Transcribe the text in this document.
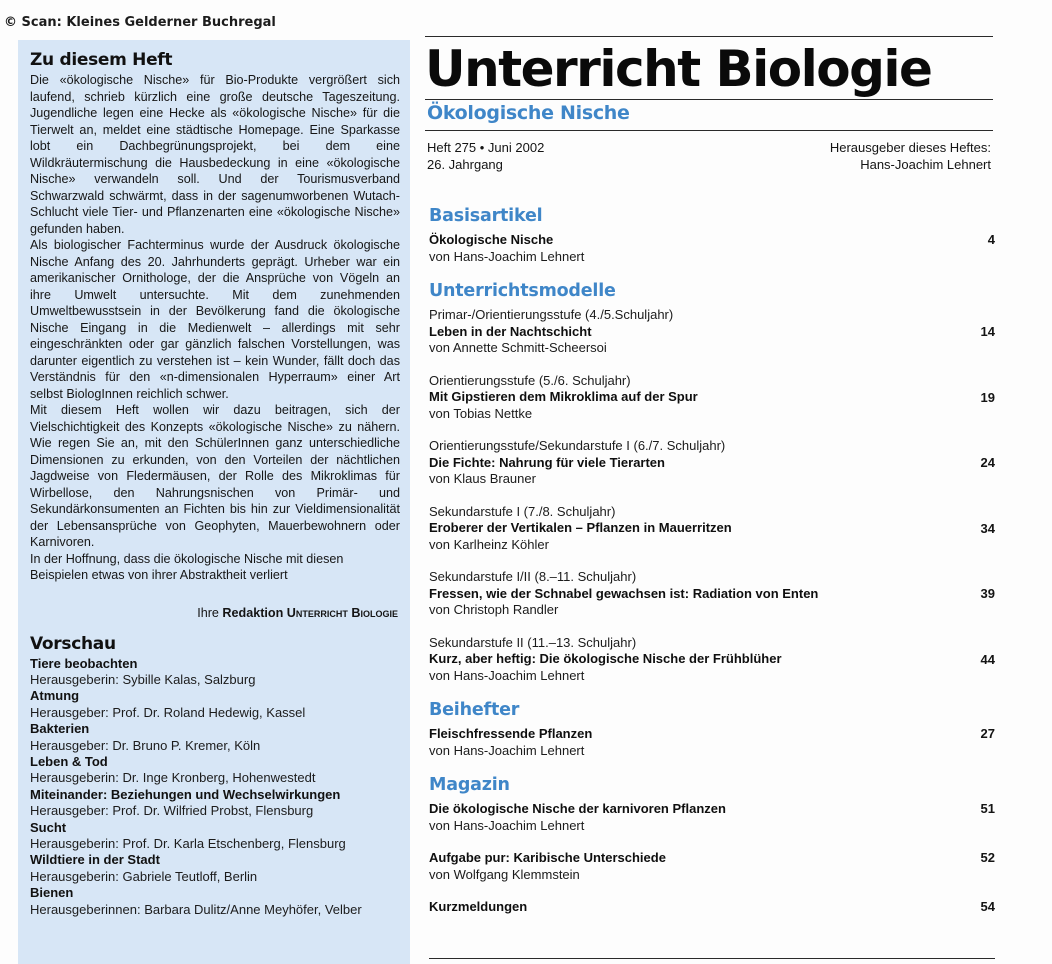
© Scan: Kleines Gelderner Buchregal
Zu diesem Heft

Die «ökologische Nische» für Bio-Produkte vergrößert sich laufend, schrieb kürzlich eine große deutsche Tageszeitung. Jugendliche legen eine Hecke als «ökologische Nische» für die Tierwelt an, meldet eine städtische Homepage. Eine Sparkasse lobt ein Dachbegrünungsprojekt, bei dem eine Wildkräutermischung die Hausbedeckung in eine «ökologische Nische» verwandeln soll. Und der Tourismusverband Schwarzwald schwärmt, dass in der sagenumworbenen Wutach-Schlucht viele Tier- und Pflanzenarten eine «ökologische Nische» gefunden haben.

Als biologischer Fachterminus wurde der Ausdruck ökologische Nische Anfang des 20. Jahrhunderts geprägt. Urheber war ein amerikanischer Ornithologe, der die Ansprüche von Vögeln an ihre Umwelt untersuchte. Mit dem zunehmenden Umweltbewusstsein in der Bevölkerung fand die ökologische Nische Eingang in die Medienwelt – allerdings mit sehr eingeschränkten oder gar gänzlich falschen Vorstellungen, was darunter eigentlich zu verstehen ist – kein Wunder, fällt doch das Verständnis für den «n-dimensionalen Hyperraum» einer Art selbst BiologInnen reichlich schwer.

Mit diesem Heft wollen wir dazu beitragen, sich der Vielschichtigkeit des Konzepts «ökologische Nische» zu nähern. Wie regen Sie an, mit den SchülerInnen ganz unterschiedliche Dimensionen zu erkunden, von den Vorteilen der nächtlichen Jagdweise von Fledermäusen, der Rolle des Mikroklimas für Wirbellose, den Nahrungsnischen von Primär- und Sekundärkonsumenten an Fichten bis hin zur Vieldimensionalität der Lebensansprüche von Geophyten, Mauerbewohnern oder Karnivoren.

In der Hoffnung, dass die ökologische Nische mit diesen Beispielen etwas von ihrer Abstraktheit verliert

Ihre Redaktion Unterricht Biologie
Vorschau
Tiere beobachten
Herausgeberin: Sybille Kalas, Salzburg
Atmung
Herausgeber: Prof. Dr. Roland Hedewig, Kassel
Bakterien
Herausgeber: Dr. Bruno P. Kremer, Köln
Leben & Tod
Herausgeberin: Dr. Inge Kronberg, Hohenwestedt
Miteinander: Beziehungen und Wechselwirkungen
Herausgeber: Prof. Dr. Wilfried Probst, Flensburg
Sucht
Herausgeberin: Prof. Dr. Karla Etschenberg, Flensburg
Wildtiere in der Stadt
Herausgeberin: Gabriele Teutloff, Berlin
Bienen
Herausgeberinnen: Barbara Dulitz/Anne Meyhöfer, Velber
Unterricht Biologie
Ökologische Nische
Heft 275 • Juni 2002
26. Jahrgang
Herausgeber dieses Heftes:
Hans-Joachim Lehnert
Basisartikel
Ökologische Nische
von Hans-Joachim Lehnert
4
Unterrichtsmodelle
Primar-/Orientierungsstufe (4./5.Schuljahr)
Leben in der Nachtschicht
von Annette Schmitt-Scheersoi
14
Orientierungsstufe (5./6. Schuljahr)
Mit Gipstieren dem Mikroklima auf der Spur
von Tobias Nettke
19
Orientierungsstufe/Sekundarstufe I (6./7. Schuljahr)
Die Fichte: Nahrung für viele Tierarten
von Klaus Brauner
24
Sekundarstufe I (7./8. Schuljahr)
Eroberer der Vertikalen – Pflanzen in Mauerritzen
von Karlheinz Köhler
34
Sekundarstufe I/II (8.–11. Schuljahr)
Fressen, wie der Schnabel gewachsen ist: Radiation von Enten
von Christoph Randler
39
Sekundarstufe II (11.–13. Schuljahr)
Kurz, aber heftig: Die ökologische Nische der Frühblüher
von Hans-Joachim Lehnert
44
Beihefter
Fleischfressende Pflanzen
von Hans-Joachim Lehnert
27
Magazin
Die ökologische Nische der karnivoren Pflanzen
von Hans-Joachim Lehnert
51
Aufgabe pur: Karibische Unterschiede
von Wolfgang Klemmstein
52
Kurzmeldungen	54
